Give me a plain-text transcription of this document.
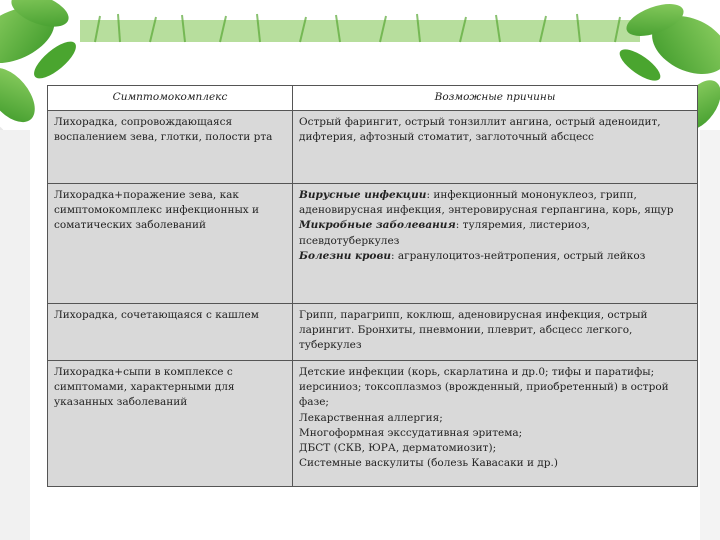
Симптомокомплекс	Возможные причины
Лихорадка, сопровождающаяся воспалением зева, глотки, полости рта	Острый фарингит, острый тонзиллит ангина, острый аденоидит, дифтерия, афтозный стоматит, заглоточный абсцесс
Лихорадка+поражение зева, как симптомокомплекс инфекционных и соматических заболеваний	Вирусные инфекции: инфекционный мононуклеоз, грипп, аденовирусная инфекция, энтеровирусная герпангина, корь, ящур
Микробные заболевания: туляремия, листериоз, псевдотуберкулез
Болезни крови: агранулоцитоз-нейтропения, острый лейкоз

Лихорадка, сочетающаяся с кашлем	Грипп, парагрипп, коклюш, аденовирусная инфекция, острый ларингит. Бронхиты, пневмонии, плеврит, абсцесс легкого, туберкулез
Лихорадка+сыпи в комплексе с симптомами, характерными для указанных заболеваний	Детские инфекции (корь, скарлатина и др.0; тифы и паратифы; иерсиниоз; токсоплазмоз (врожденный, приобретенный) в острой фазе;
Лекарственная аллергия;
Многоформная экссудативная эритема;
ДБСТ (СКВ, ЮРА, дерматомиозит);
Системные васкулиты (болезь Кавасаки и др.)
